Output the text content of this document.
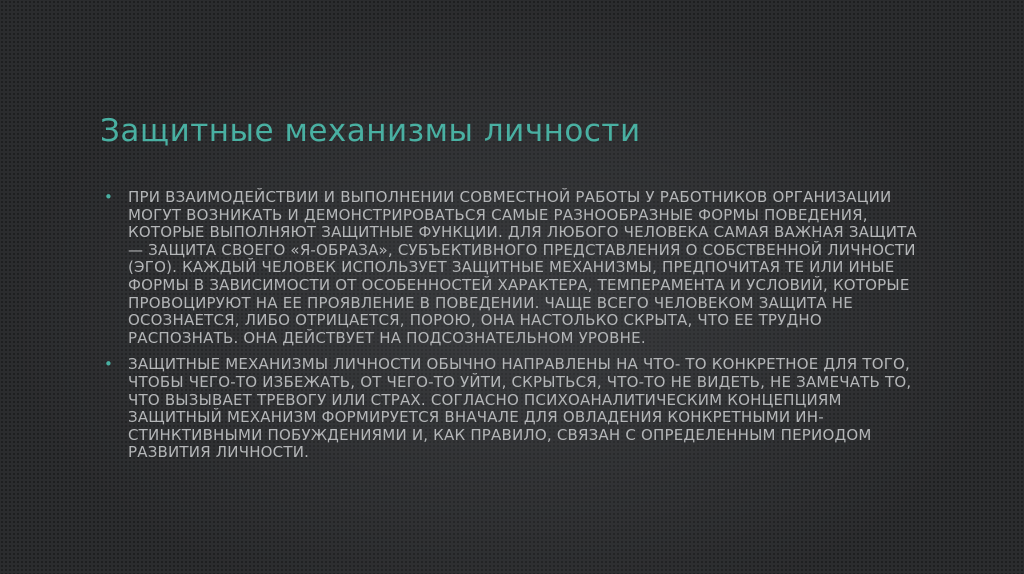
Защитные механизмы личности
• ПРИ ВЗАИМОДЕЙСТВИИ И ВЫПОЛНЕНИИ СОВМЕСТНОЙ РАБОТЫ У РАБОТНИКОВ ОРГАНИЗАЦИИ МОГУТ ВОЗНИКАТЬ И ДЕМОНСТРИРОВАТЬСЯ САМЫЕ РАЗНООБРАЗНЫЕ ФОРМЫ ПОВЕДЕНИЯ, КОТОРЫЕ ВЫПОЛНЯЮТ ЗАЩИТНЫЕ ФУНКЦИИ. ДЛЯ ЛЮБОГО ЧЕЛОВЕКА САМАЯ ВАЖНАЯ ЗАЩИТА — ЗАЩИТА СВОЕГО «Я-ОБРАЗА», СУБЪЕКТИВНОГО ПРЕДСТАВЛЕНИЯ О СОБСТВЕННОЙ ЛИЧНОСТИ (ЭГО). КАЖДЫЙ ЧЕЛОВЕК ИСПОЛЬЗУЕТ ЗАЩИТНЫЕ МЕХАНИЗМЫ, ПРЕДПОЧИТАЯ ТЕ ИЛИ ИНЫЕ ФОРМЫ В ЗАВИСИМОСТИ ОТ ОСОБЕННОСТЕЙ ХАРАКТЕРА, ТЕМПЕРАМЕНТА И УСЛОВИЙ, КОТОРЫЕ ПРОВОЦИРУЮТ НА ЕЕ ПРОЯВЛЕНИЕ В ПОВЕДЕНИИ. ЧАЩЕ ВСЕГО ЧЕЛОВЕКОМ ЗАЩИТА НЕ ОСОЗНАЕТСЯ, ЛИБО ОТРИЦАЕТСЯ, ПОРОЮ, ОНА НАСТОЛЬКО СКРЫТА, ЧТО ЕЕ ТРУДНО РАСПОЗНАТЬ. ОНА ДЕЙСТВУЕТ НА ПОДСОЗНАТЕЛЬНОМ УРОВНЕ.
• ЗАЩИТНЫЕ МЕХАНИЗМЫ ЛИЧНОСТИ ОБЫЧНО НАПРАВЛЕНЫ НА ЧТО- ТО КОНКРЕТНОЕ ДЛЯ ТОГО, ЧТОБЫ ЧЕГО-ТО ИЗБЕЖАТЬ, ОТ ЧЕГО-ТО УЙТИ, СКРЫТЬСЯ, ЧТО-ТО НЕ ВИДЕТЬ, НЕ ЗАМЕЧАТЬ ТО, ЧТО ВЫЗЫВАЕТ ТРЕВОГУ ИЛИ СТРАХ. СОГЛАСНО ПСИХОАНАЛИТИЧЕСКИМ КОНЦЕПЦИЯМ ЗАЩИТНЫЙ МЕХАНИЗМ ФОРМИРУЕТСЯ ВНАЧАЛЕ ДЛЯ ОВЛАДЕНИЯ КОНКРЕТНЫМИ ИН-СТИНКТИВНЫМИ ПОБУЖДЕНИЯМИ И, КАК ПРАВИЛО, СВЯЗАН С ОПРЕДЕЛЕННЫМ ПЕРИОДОМ РАЗВИТИЯ ЛИЧНОСТИ.
